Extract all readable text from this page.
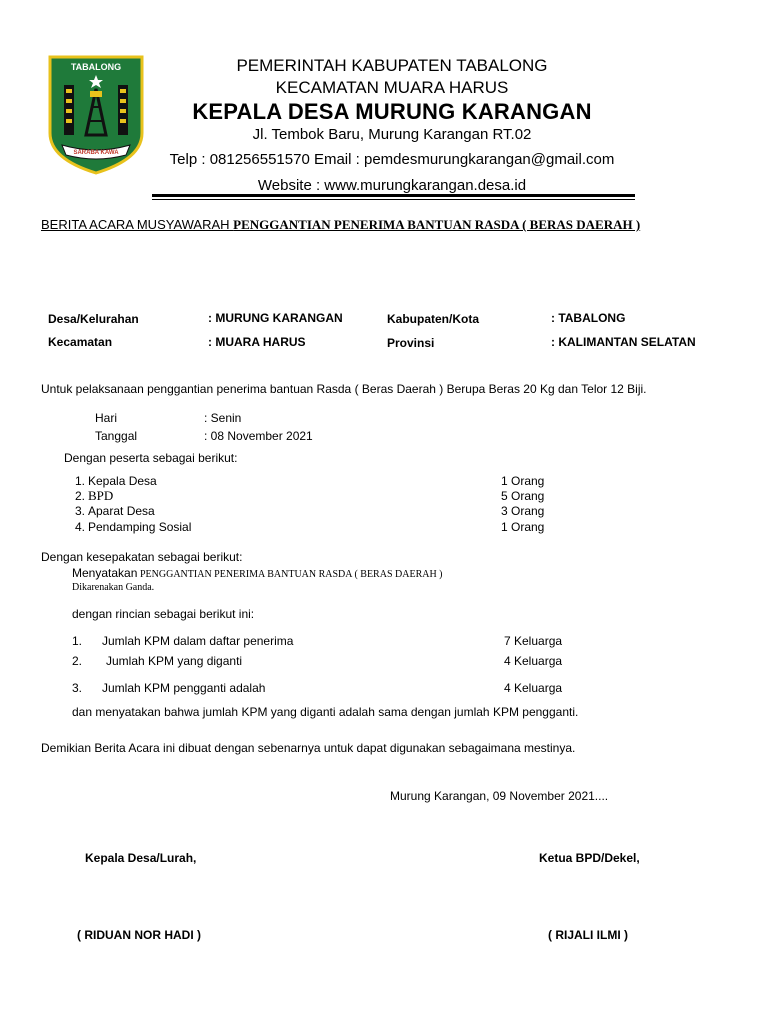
TABALONG
SARABA KAWA
PEMERINTAH KABUPATEN TABALONG
KECAMATAN MUARA HARUS
KEPALA DESA MURUNG KARANGAN
Jl. Tembok Baru, Murung Karangan RT.02
Telp : 081256551570 Email : pemdesmurungkarangan@gmail.com
Website : www.murungkarangan.desa.id
BERITA ACARA MUSYAWARAH PENGGANTIAN PENERIMA BANTUAN RASDA ( BERAS DAERAH )
Desa/Kelurahan	: MURUNG KARANGAN	Kabupaten/Kota	: TABALONG
Kecamatan	: MUARA HARUS	Provinsi	: KALIMANTAN SELATAN
Untuk pelaksanaan penggantian penerima bantuan Rasda ( Beras Daerah ) Berupa Beras 20 Kg dan Telor 12 Biji.
Hari	: Senin
Tanggal	: 08 November 2021
Dengan peserta sebagai berikut:
1. Kepala Desa	1 Orang
2. BPD	5 Orang
3. Aparat Desa	3 Orang
4. Pendamping Sosial	1 Orang
Dengan kesepakatan sebagai berikut:
Menyatakan PENGGANTIAN PENERIMA BANTUAN RASDA ( BERAS DAERAH )
Dikarenakan Ganda.
dengan rincian sebagai berikut ini:
1. Jumlah KPM dalam daftar penerima	7 Keluarga
2. Jumlah KPM yang diganti	4 Keluarga
3. Jumlah KPM pengganti adalah	4 Keluarga
dan menyatakan bahwa jumlah KPM yang diganti adalah sama dengan jumlah KPM pengganti.
Demikian Berita Acara ini dibuat dengan sebenarnya untuk dapat digunakan sebagaimana mestinya.
Murung Karangan, 09 November 2021....
Kepala Desa/Lurah,	Ketua BPD/Dekel,
( RIDUAN NOR HADI )	( RIJALI ILMI )
